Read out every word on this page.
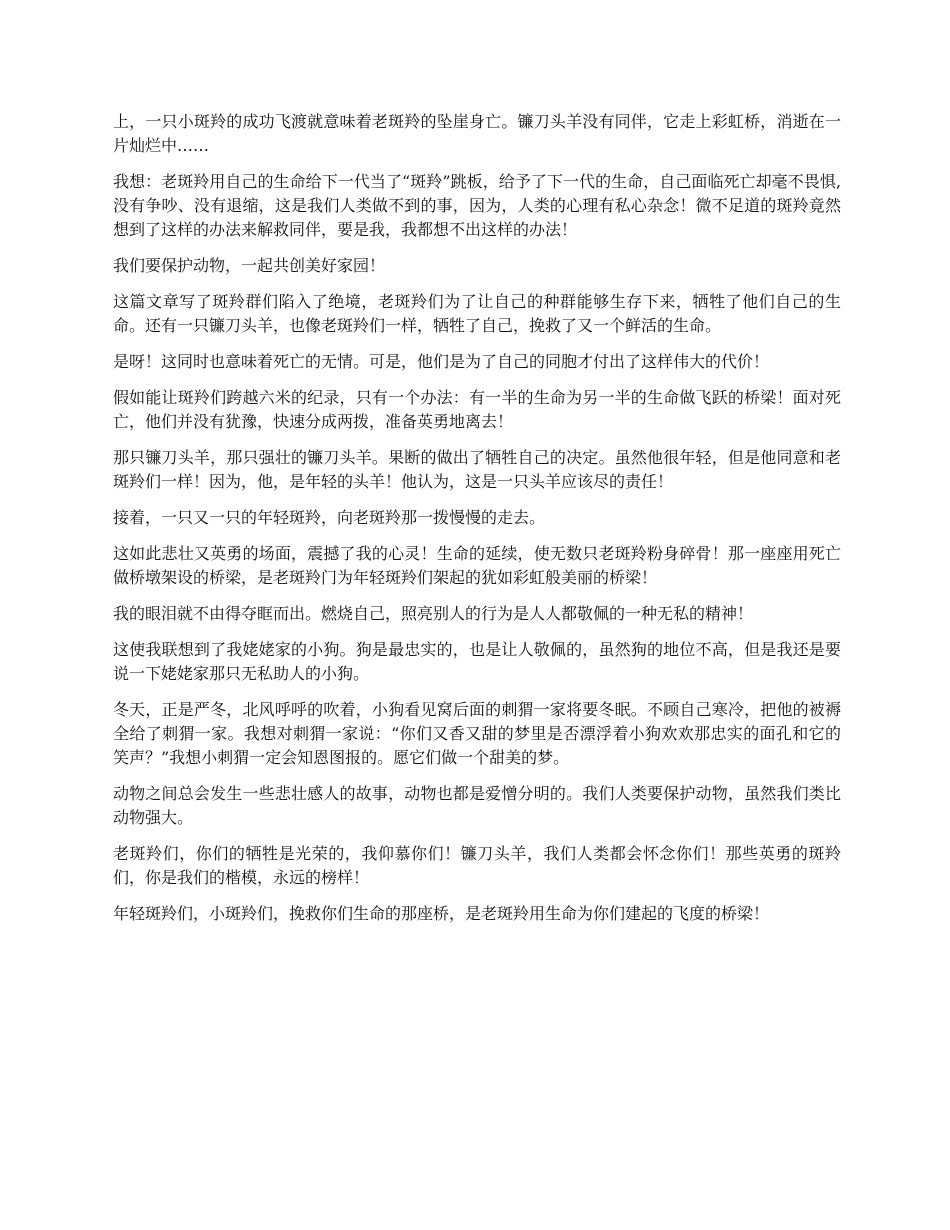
上，一只小斑羚的成功飞渡就意味着老斑羚的坠崖身亡。镰刀头羊没有同伴，它走上彩虹桥，消逝在一片灿烂中……

我想：老斑羚用自己的生命给下一代当了“斑羚”跳板，给予了下一代的生命，自己面临死亡却毫不畏惧,没有争吵、没有退缩，这是我们人类做不到的事，因为，人类的心理有私心杂念！微不足道的斑羚竟然想到了这样的办法来解救同伴，要是我，我都想不出这样的办法！

我们要保护动物，一起共创美好家园！

这篇文章写了斑羚群们陷入了绝境，老斑羚们为了让自己的种群能够生存下来，牺牲了他们自己的生命。还有一只镰刀头羊，也像老斑羚们一样，牺牲了自己，挽救了又一个鲜活的生命。

是呀！这同时也意味着死亡的无情。可是，他们是为了自己的同胞才付出了这样伟大的代价！

假如能让斑羚们跨越六米的纪录，只有一个办法：有一半的生命为另一半的生命做飞跃的桥梁！面对死亡，他们并没有犹豫，快速分成两拨，准备英勇地离去！

那只镰刀头羊，那只强壮的镰刀头羊。果断的做出了牺牲自己的决定。虽然他很年轻，但是他同意和老斑羚们一样！因为，他，是年轻的头羊！他认为，这是一只头羊应该尽的责任！

接着，一只又一只的年轻斑羚，向老斑羚那一拨慢慢的走去。

这如此悲壮又英勇的场面，震撼了我的心灵！生命的延续，使无数只老斑羚粉身碎骨！那一座座用死亡做桥墩架设的桥梁，是老斑羚门为年轻斑羚们架起的犹如彩虹般美丽的桥梁！

我的眼泪就不由得夺眶而出。燃烧自己，照亮别人的行为是人人都敬佩的一种无私的精神！

这使我联想到了我姥姥家的小狗。狗是最忠实的，也是让人敬佩的，虽然狗的地位不高，但是我还是要说一下姥姥家那只无私助人的小狗。

冬天，正是严冬，北风呼呼的吹着，小狗看见窝后面的刺猬一家将要冬眠。不顾自己寒冷，把他的被褥全给了刺猬一家。我想对刺猬一家说：“你们又香又甜的梦里是否漂浮着小狗欢欢那忠实的面孔和它的笑声？”我想小刺猬一定会知恩图报的。愿它们做一个甜美的梦。

动物之间总会发生一些悲壮感人的故事，动物也都是爱憎分明的。我们人类要保护动物，虽然我们类比动物强大。

老斑羚们，你们的牺牲是光荣的，我仰慕你们！镰刀头羊，我们人类都会怀念你们！那些英勇的斑羚们，你是我们的楷模，永远的榜样！

年轻斑羚们，小斑羚们，挽救你们生命的那座桥，是老斑羚用生命为你们建起的飞度的桥梁！
